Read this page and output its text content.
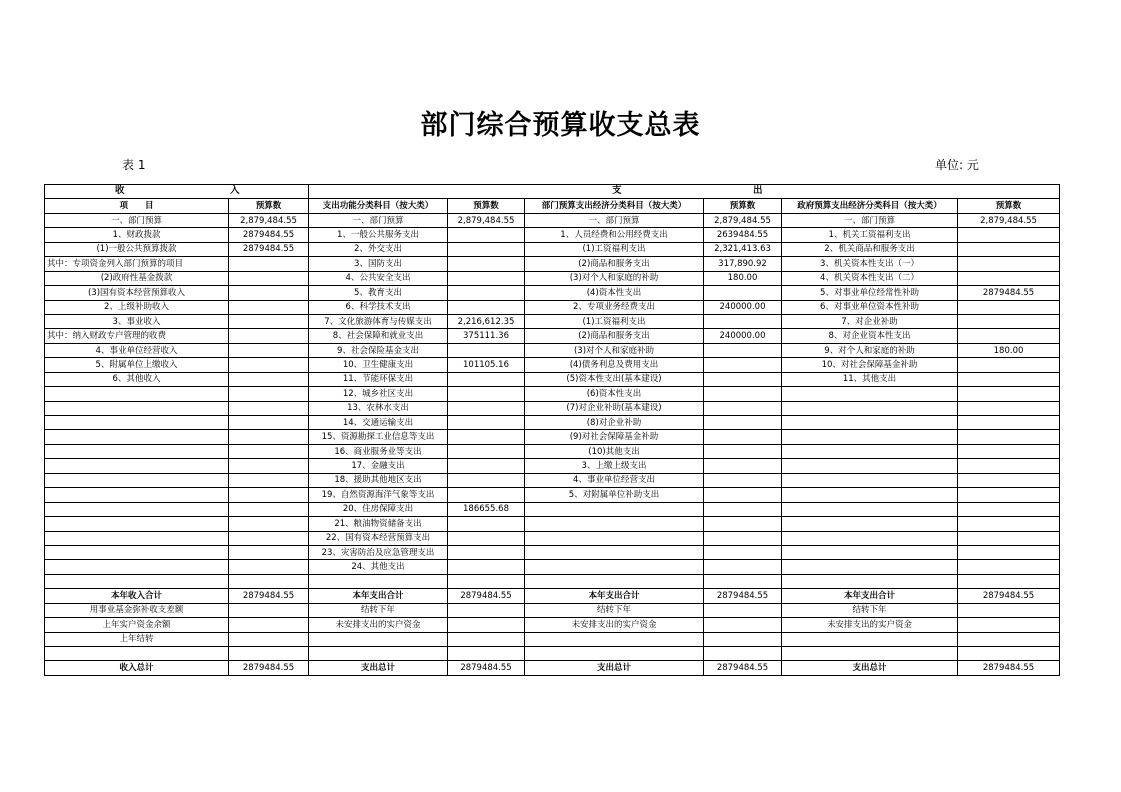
部门综合预算收支总表
表 1	单位: 元
收 入		支 出					

项　　目	预算数	支出功能分类科目（按大类）	预算数	部门预算支出经济分类科目（按大类）	预算数	政府预算支出经济分类科目（按大类）	预算数
一、部门预算	2,879,484.55	一、部门预算	2,879,484.55	一、部门预算	2,879,484.55	一、部门预算	2,879,484.55
1、财政拨款	2879484.55	1、一般公共服务支出		1、人员经费和公用经费支出	2639484.55	1、机关工资福利支出	
(1)一般公共预算拨款	2879484.55	2、外交支出		(1)工资福利支出	2,321,413.63	2、机关商品和服务支出	
其中：专项资金列入部门预算的项目		3、国防支出		(2)商品和服务支出	317,890.92	3、机关资本性支出（一）	
(2)政府性基金拨款		4、公共安全支出		(3)对个人和家庭的补助	180.00	4、机关资本性支出（二）	
(3)国有资本经营预算收入		5、教育支出		(4)资本性支出		5、对事业单位经常性补助	2879484.55
2、上级补助收入		6、科学技术支出		2、专项业务经费支出	240000.00	6、对事业单位资本性补助	
3、事业收入		7、文化旅游体育与传媒支出	2,216,612.35	(1)工资福利支出		7、对企业补助	
其中：纳入财政专户管理的收费		8、社会保障和就业支出	375111.36	(2)商品和服务支出	240000.00	8、对企业资本性支出	
4、事业单位经营收入		9、社会保险基金支出		(3)对个人和家庭补助		9、对个人和家庭的补助	180.00
5、附属单位上缴收入		10、卫生健康支出	101105.16	(4)债务利息及费用支出		10、对社会保障基金补助	
6、其他收入		11、节能环保支出		(5)资本性支出(基本建设)		11、其他支出	
		12、城乡社区支出		(6)资本性支出			
		13、农林水支出		(7)对企业补助(基本建设)			
		14、交通运输支出		(8)对企业补助			
		15、资源勘探工业信息等支出		(9)对社会保障基金补助			
		16、商业服务业等支出		(10)其他支出			
		17、金融支出		3、上缴上级支出			
		18、援助其他地区支出		4、事业单位经营支出			
		19、自然资源海洋气象等支出		5、对附属单位补助支出			
		20、住房保障支出	186655.68				
		21、粮油物资储备支出					
		22、国有资本经营预算支出					
		23、灾害防治及应急管理支出					
		24、其他支出					

本年收入合计	2879484.55	本年支出合计	2879484.55	本年支出合计	2879484.55	本年支出合计	2879484.55
用事业基金弥补收支差额		结转下年		结转下年		结转下年	
上年实户资金余额		未安排支出的实户资金		未安排支出的实户资金		未安排支出的实户资金	
上年结转							

收入总计	2879484.55	支出总计	2879484.55	支出总计	2879484.55	支出总计	2879484.55
